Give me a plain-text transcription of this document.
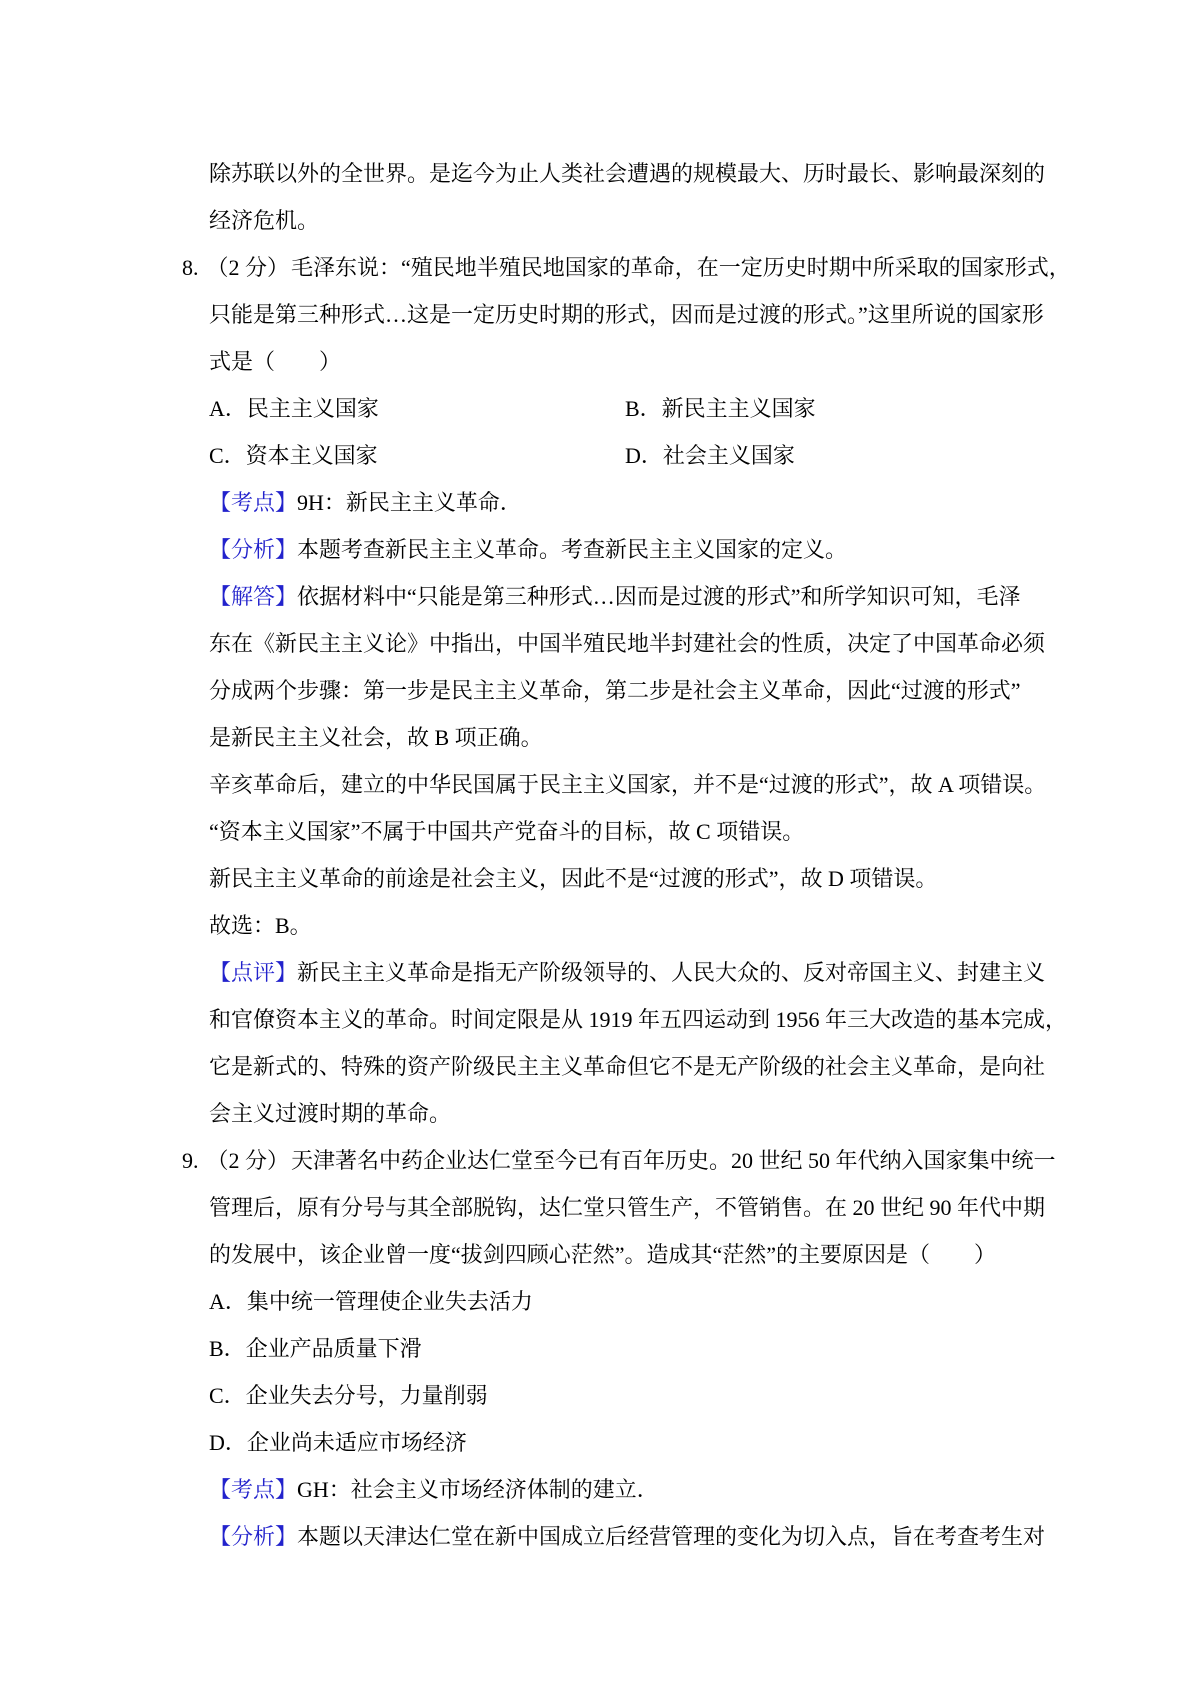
除苏联以外的全世界。是迄今为止人类社会遭遇的规模最大、历时最长、影响最深刻的
经济危机。
8. （2 分）毛泽东说：“殖民地半殖民地国家的革命，在一定历史时期中所采取的国家形式，
只能是第三种形式…这是一定历史时期的形式，因而是过渡的形式。”这里所说的国家形
式是（　　）
A．民主主义国家	B．新民主主义国家
C．资本主义国家	D．社会主义国家
【考点】9H：新民主主义革命．
【分析】本题考查新民主主义革命。考查新民主主义国家的定义。
【解答】依据材料中“只能是第三种形式…因而是过渡的形式”和所学知识可知，毛泽
东在《新民主主义论》中指出，中国半殖民地半封建社会的性质，决定了中国革命必须
分成两个步骤：第一步是民主主义革命，第二步是社会主义革命，因此“过渡的形式”
是新民主主义社会，故 B 项正确。
辛亥革命后，建立的中华民国属于民主主义国家，并不是“过渡的形式”，故 A 项错误。
“资本主义国家”不属于中国共产党奋斗的目标，故 C 项错误。
新民主主义革命的前途是社会主义，因此不是“过渡的形式”，故 D 项错误。
故选：B。
【点评】新民主主义革命是指无产阶级领导的、人民大众的、反对帝国主义、封建主义
和官僚资本主义的革命。时间定限是从 1919 年五四运动到 1956 年三大改造的基本完成，
它是新式的、特殊的资产阶级民主主义革命但它不是无产阶级的社会主义革命，是向社
会主义过渡时期的革命。
9. （2 分）天津著名中药企业达仁堂至今已有百年历史。20 世纪 50 年代纳入国家集中统一
管理后，原有分号与其全部脱钩，达仁堂只管生产，不管销售。在 20 世纪 90 年代中期
的发展中，该企业曾一度“拔剑四顾心茫然”。造成其“茫然”的主要原因是（　　）
A．集中统一管理使企业失去活力
B．企业产品质量下滑
C．企业失去分号，力量削弱
D．企业尚未适应市场经济
【考点】GH：社会主义市场经济体制的建立．
【分析】本题以天津达仁堂在新中国成立后经营管理的变化为切入点，旨在考查考生对
